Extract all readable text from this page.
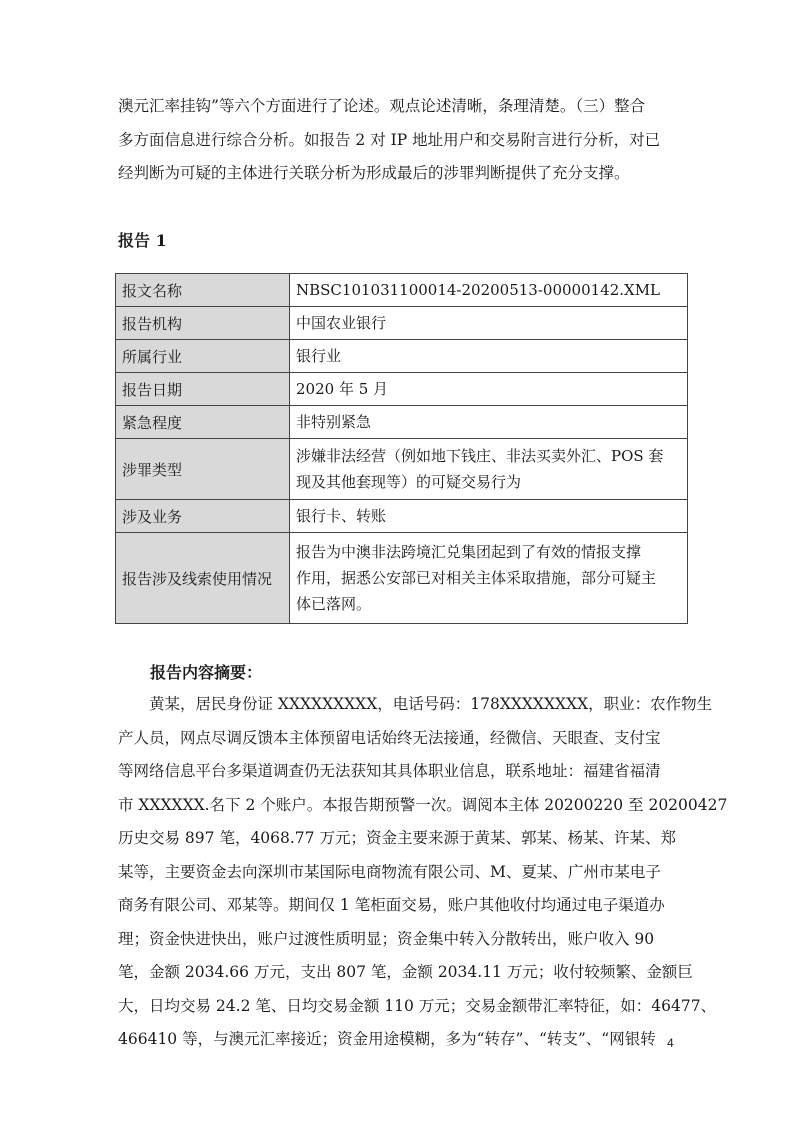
澳元汇率挂钩”等六个方面进行了论述。观点论述清晰，条理清楚。（三）整合
多方面信息进行综合分析。如报告 2 对 IP 地址用户和交易附言进行分析，对已
经判断为可疑的主体进行关联分析为形成最后的涉罪判断提供了充分支撑。

报告 1
报文名称	NBSC101031100014-20200513-00000142.XML
报告机构	中国农业银行
所属行业	银行业
报告日期	2020 年 5 月
紧急程度	非特别紧急
涉罪类型	涉嫌非法经营（例如地下钱庄、非法买卖外汇、POS 套
现及其他套现等）的可疑交易行为

涉及业务	银行卡、转账
报告涉及线索使用情况	报告为中澳非法跨境汇兑集团起到了有效的情报支撑
作用，据悉公安部已对相关主体采取措施，部分可疑主
体已落网。
报告内容摘要：

黄某，居民身份证 XXXXXXXXX，电话号码：178XXXXXXXX，职业：农作物生
产人员，网点尽调反馈本主体预留电话始终无法接通，经微信、天眼查、支付宝
等网络信息平台多渠道调查仍无法获知其具体职业信息，联系地址：福建省福清
市 XXXXXX.名下 2 个账户。本报告期预警一次。调阅本主体 20200220 至 20200427
历史交易 897 笔，4068.77 万元；资金主要来源于黄某、郭某、杨某、许某、郑
某等，主要资金去向深圳市某国际电商物流有限公司、M、夏某、广州市某电子
商务有限公司、邓某等。期间仅 1 笔柜面交易，账户其他收付均通过电子渠道办
理；资金快进快出，账户过渡性质明显；资金集中转入分散转出，账户收入 90
笔，金额 2034.66 万元，支出 807 笔，金额 2034.11 万元；收付较频繁、金额巨
大，日均交易 24.2 笔、日均交易金额 110 万元；交易金额带汇率特征，如：46477、
466410 等，与澳元汇率接近；资金用途模糊，多为“转存”、“转支”、“网银转 4
